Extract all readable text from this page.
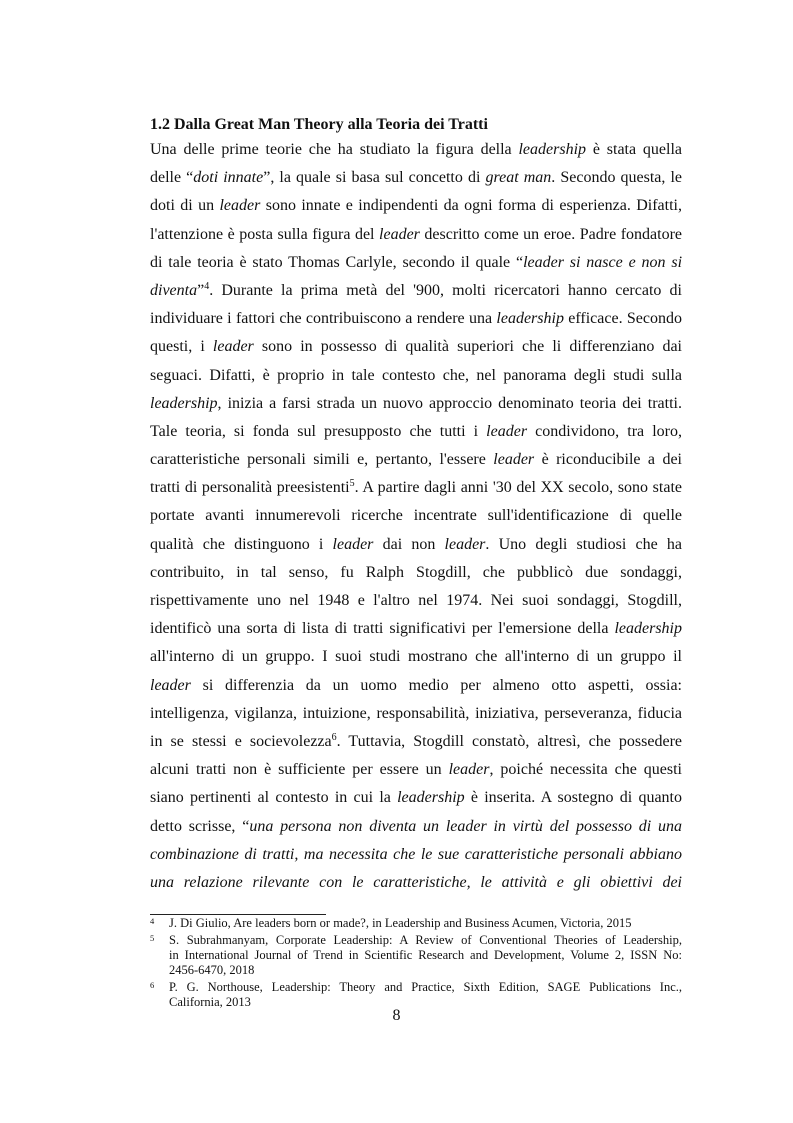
1.2 Dalla Great Man Theory alla Teoria dei Tratti
Una delle prime teorie che ha studiato la figura della leadership è stata quella
delle “doti innate”, la quale si basa sul concetto di great man. Secondo questa, le
doti di un leader sono innate e indipendenti da ogni forma di esperienza. Difatti,
l'attenzione è posta sulla figura del leader descritto come un eroe. Padre fondatore
di tale teoria è stato Thomas Carlyle, secondo il quale “leader si nasce e non si
diventa”$^4$. Durante la prima metà del '900, molti ricercatori hanno cercato di
individuare i fattori che contribuiscono a rendere una leadership efficace. Secondo
questi, i leader sono in possesso di qualità superiori che li differenziano dai
seguaci. Difatti, è proprio in tale contesto che, nel panorama degli studi sulla
leadership, inizia a farsi strada un nuovo approccio denominato teoria dei tratti.
Tale teoria, si fonda sul presupposto che tutti i leader condividono, tra loro,
caratteristiche personali simili e, pertanto, l'essere leader è riconducibile a dei
tratti di personalità preesistenti$^5$. A partire dagli anni '30 del XX secolo, sono state
portate avanti innumerevoli ricerche incentrate sull'identificazione di quelle
qualità che distinguono i leader dai non leader. Uno degli studiosi che ha
contribuito, in tal senso, fu Ralph Stogdill, che pubblicò due sondaggi,
rispettivamente uno nel 1948 e l'altro nel 1974. Nei suoi sondaggi, Stogdill,
identificò una sorta di lista di tratti significativi per l'emersione della leadership
all'interno di un gruppo. I suoi studi mostrano che all'interno di un gruppo il
leader si differenzia da un uomo medio per almeno otto aspetti, ossia:
intelligenza, vigilanza, intuizione, responsabilità, iniziativa, perseveranza, fiducia
in se stessi e socievolezza$^6$. Tuttavia, Stogdill constatò, altresì, che possedere
alcuni tratti non è sufficiente per essere un leader, poiché necessita che questi
siano pertinenti al contesto in cui la leadership è inserita. A sostegno di quanto
detto scrisse, “una persona non diventa un leader in virtù del possesso di una
combinazione di tratti, ma necessita che le sue caratteristiche personali abbiano
una relazione rilevante con le caratteristiche, le attività e gli obiettivi dei
4	J. Di Giulio, Are leaders born or made?, in Leadership and Business Acumen, Victoria, 2015
5	S. Subrahmanyam, Corporate Leadership: A Review of Conventional Theories of Leadership,
in International Journal of Trend in Scientific Research and Development, Volume 2, ISSN No:
2456-6470, 2018
6	P. G. Northouse, Leadership: Theory and Practice, Sixth Edition, SAGE Publications Inc.,
California, 2013
8
